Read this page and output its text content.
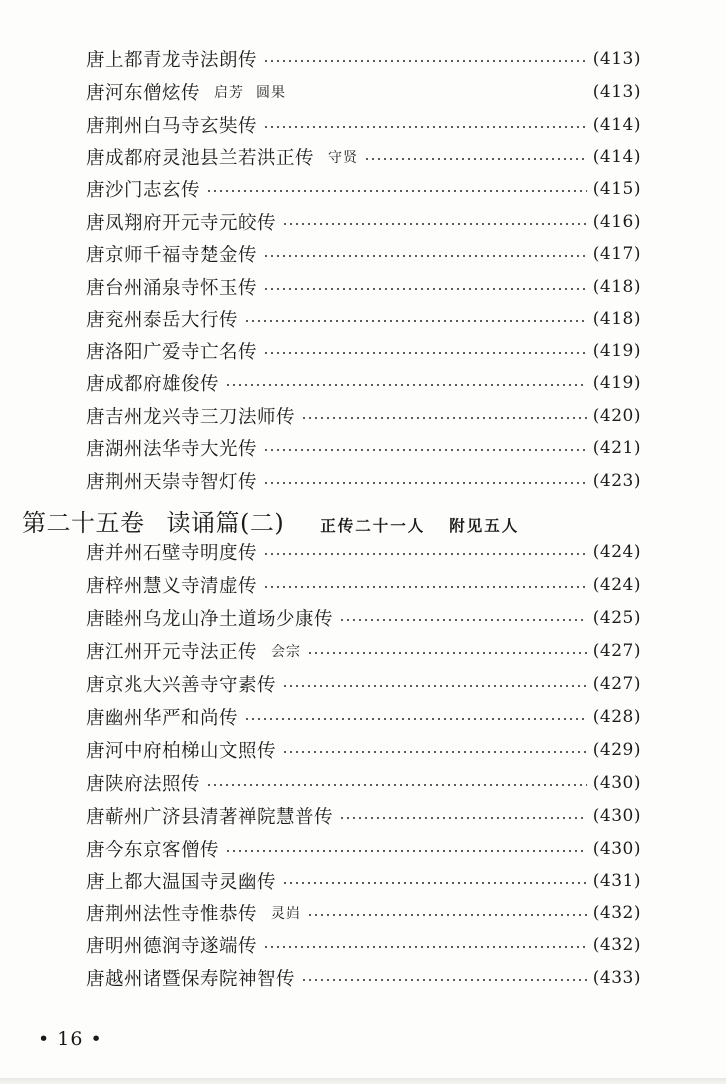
唐上都青龙寺法朗传	(413)
唐河东僧炫传 启芳 圆果	(413)
唐荆州白马寺玄奘传	(414)
唐成都府灵池县兰若洪正传 守贤	(414)
唐沙门志玄传	(415)
唐凤翔府开元寺元皎传	(416)
唐京师千福寺楚金传	(417)
唐台州涌泉寺怀玉传	(418)
唐兖州泰岳大行传	(418)
唐洛阳广爱寺亡名传	(419)
唐成都府雄俊传	(419)
唐吉州龙兴寺三刀法师传	(420)
唐湖州法华寺大光传	(421)
唐荆州天崇寺智灯传	(423)
第二十五卷 读诵篇(二) 正传二十一人 附见五人
唐并州石壁寺明度传	(424)
唐梓州慧义寺清虚传	(424)
唐睦州乌龙山净土道场少康传	(425)
唐江州开元寺法正传 会宗	(427)
唐京兆大兴善寺守素传	(427)
唐幽州华严和尚传	(428)
唐河中府柏梯山文照传	(429)
唐陕府法照传	(430)
唐蕲州广济县清著禅院慧普传	(430)
唐今东京客僧传	(430)
唐上都大温国寺灵幽传	(431)
唐荆州法性寺惟恭传 灵岿	(432)
唐明州德润寺遂端传	(432)
唐越州诸暨保寿院神智传	(433)
• 16 •
